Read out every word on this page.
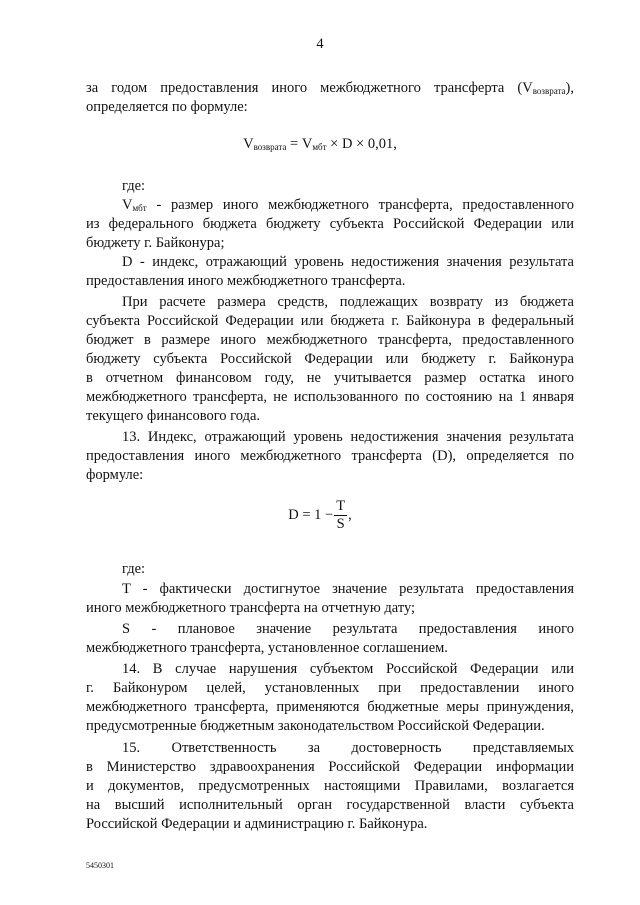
4
за годом предоставления иного межбюджетного трансферта $(V_{возврата})$,
определяется по формуле:
$V_{возврата} = V_{мбт} \times D \times 0,01$,
где:
$V_{мбт}$ - размер иного межбюджетного трансферта, предоставленного
из федерального бюджета бюджету субъекта Российской Федерации или
бюджету г. Байконура;
D - индекс, отражающий уровень недостижения значения результата
предоставления иного межбюджетного трансферта.
При расчете размера средств, подлежащих возврату из бюджета
субъекта Российской Федерации или бюджета г. Байконура в федеральный
бюджет в размере иного межбюджетного трансферта, предоставленного
бюджету субъекта Российской Федерации или бюджету г. Байконура
в отчетном финансовом году, не учитывается размер остатка иного
межбюджетного трансферта, не использованного по состоянию на 1 января
текущего финансового года.
13. Индекс, отражающий уровень недостижения значения результата
предоставления иного межбюджетного трансферта (D), определяется по
формуле:
$D = 1 - \frac{T}{S}$ ,
где:
T - фактически достигнутое значение результата предоставления
иного межбюджетного трансферта на отчетную дату;
S - плановое значение результата предоставления иного
межбюджетного трансферта, установленное соглашением.
14. В случае нарушения субъектом Российской Федерации или
г. Байконуром целей, установленных при предоставлении иного
межбюджетного трансферта, применяются бюджетные меры принуждения,
предусмотренные бюджетным законодательством Российской Федерации.
15. Ответственность за достоверность представляемых
в Министерство здравоохранения Российской Федерации информации
и документов, предусмотренных настоящими Правилами, возлагается
на высший исполнительный орган государственной власти субъекта
Российской Федерации и администрацию г. Байконура.
5450301
